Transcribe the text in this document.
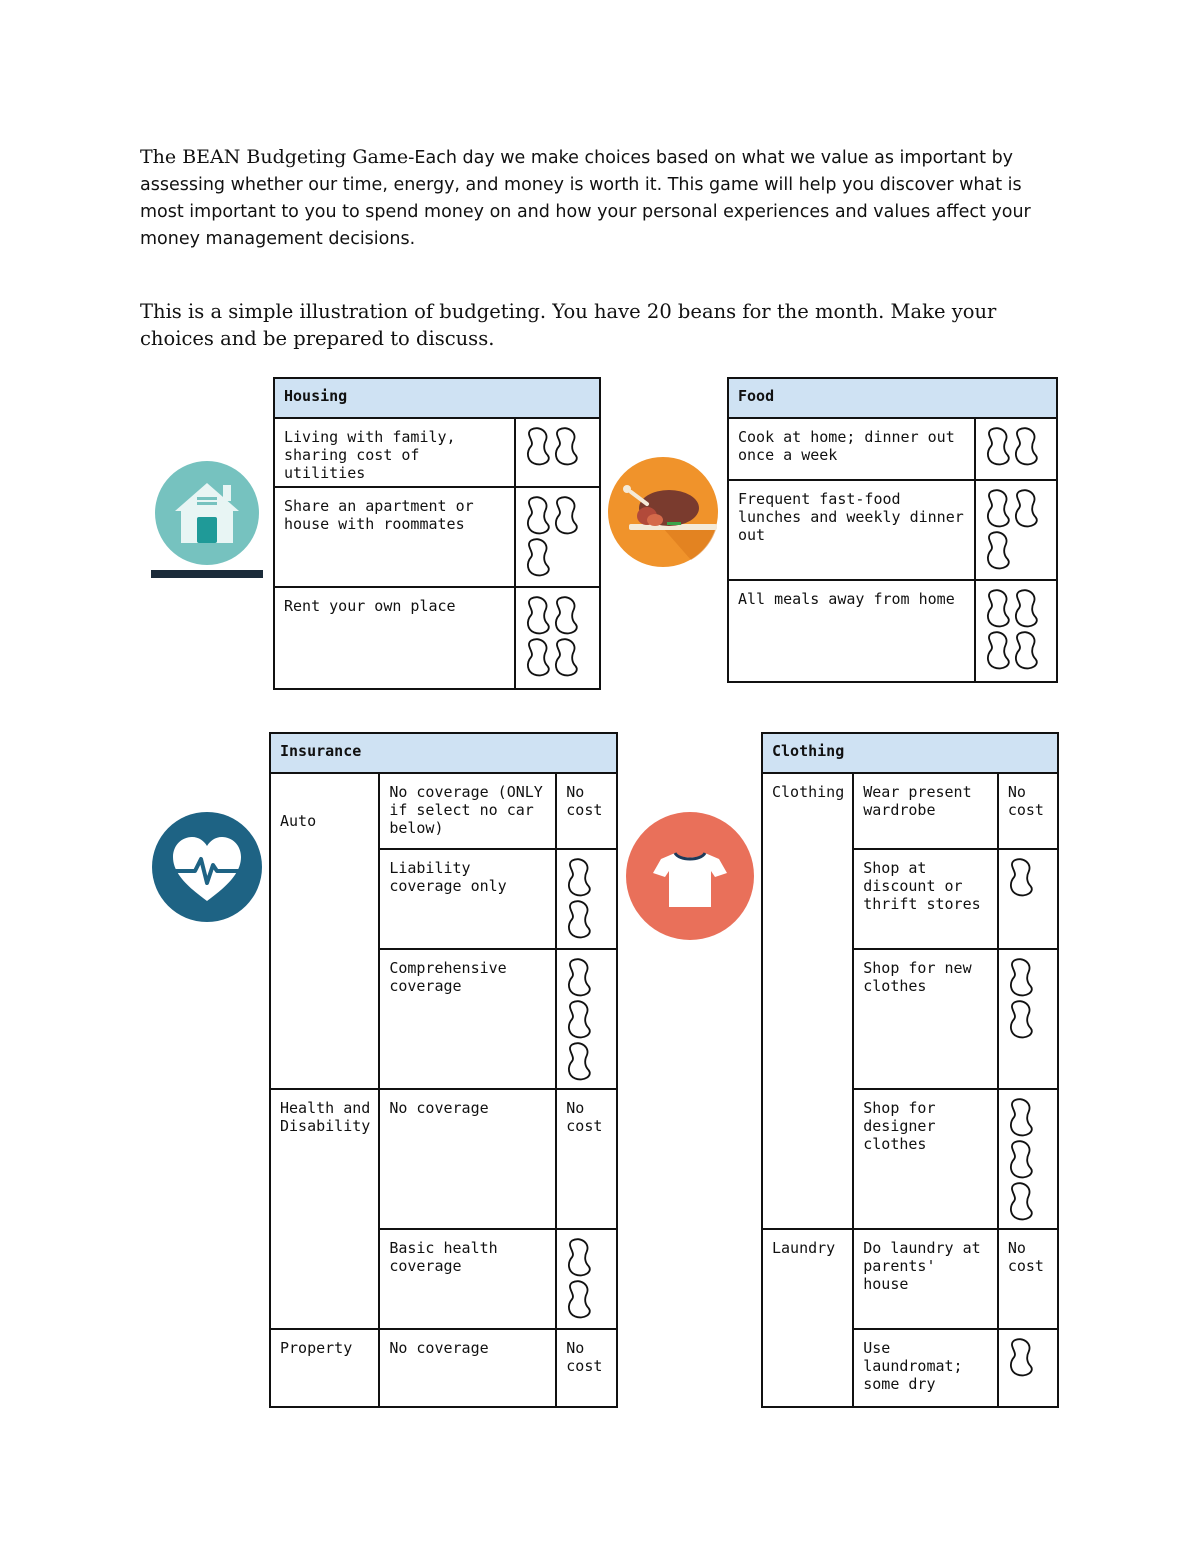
The BEAN Budgeting Game-Each day we make choices based on what we value as important by assessing whether our time, energy, and money is worth it. This game will help you discover what is most important to you to spend money on and how your personal experiences and values affect your money management decisions.
This is a simple illustration of budgeting. You have 20 beans for the month. Make your choices and be prepared to discuss.
Housing	
Living with family, sharing cost of utilities	

Share an apartment or house with roommates	

Rent your own place	
Food	
Cook at home; dinner out once a week	

Frequent fast-food lunches and weekly dinner out	

All meals away from home	
Insurance		
Auto	No coverage (ONLY if select no car below)	No cost
	Liability coverage only	

	Comprehensive coverage	

Health and Disability	No coverage	No cost
	Basic health coverage	

Property	No coverage	No cost
Clothing		
Clothing	Wear present wardrobe	No cost
	Shop at discount or thrift stores	

	Shop for new clothes	

	Shop for designer clothes	

Laundry	Do laundry at parents' house	No cost
	Use laundromat; some dry	
